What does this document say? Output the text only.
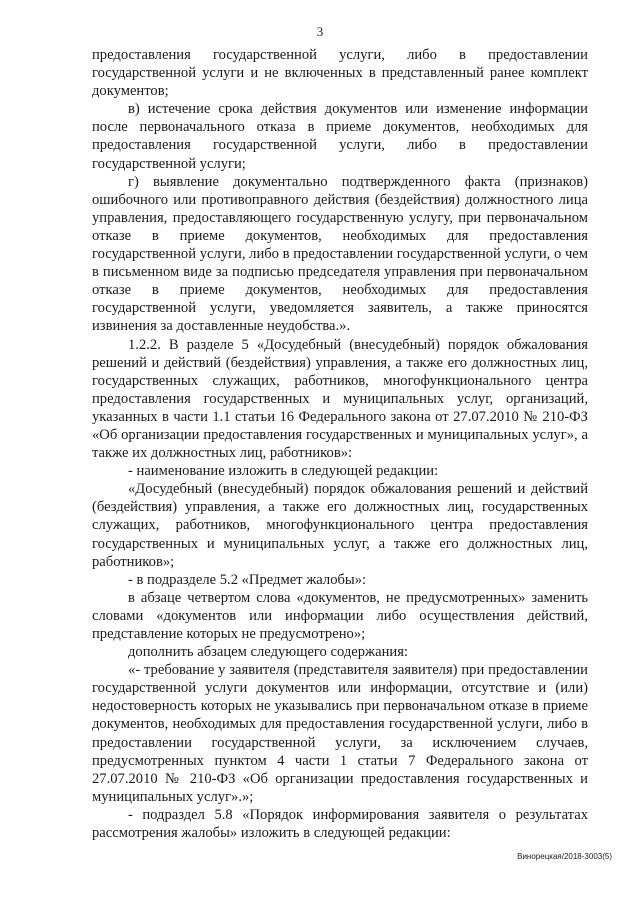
3

предоставления государственной услуги, либо в предоставлении государственной услуги и не включенных в представленный ранее комплект документов;

в) истечение срока действия документов или изменение информации после первоначального отказа в приеме документов, необходимых для предоставления государственной услуги, либо в предоставлении государственной услуги;

г) выявление документально подтвержденного факта (признаков) ошибочного или противоправного действия (бездействия) должностного лица управления, предоставляющего государственную услугу, при первоначальном отказе в приеме документов, необходимых для предоставления государственной услуги, либо в предоставлении государственной услуги, о чем в письменном виде за подписью председателя управления при первоначальном отказе в приеме документов, необходимых для предоставления государственной услуги, уведомляется заявитель, а также приносятся извинения за доставленные неудобства.».

1.2.2. В разделе 5 «Досудебный (внесудебный) порядок обжалования решений и действий (бездействия) управления, а также его должностных лиц, государственных служащих, работников, многофункционального центра предоставления государственных и муниципальных услуг, организаций, указанных в части 1.1 статьи 16 Федерального закона от 27.07.2010 № 210-ФЗ «Об организации предоставления государственных и муниципальных услуг», а также их должностных лиц, работников»:

- наименование изложить в следующей редакции:

«Досудебный (внесудебный) порядок обжалования решений и действий (бездействия) управления, а также его должностных лиц, государственных служащих, работников, многофункционального центра предоставления государственных и муниципальных услуг, а также его должностных лиц, работников»;

- в подразделе 5.2 «Предмет жалобы»:

в абзаце четвертом слова «документов, не предусмотренных» заменить словами «документов или информации либо осуществления действий, представление которых не предусмотрено»;

дополнить абзацем следующего содержания:

«- требование у заявителя (представителя заявителя) при предоставлении государственной услуги документов или информации, отсутствие и (или) недостоверность которых не указывались при первоначальном отказе в приеме документов, необходимых для предоставления государственной услуги, либо в предоставлении государственной услуги, за исключением случаев, предусмотренных пунктом 4 части 1 статьи 7 Федерального закона от 27.07.2010 № 210-ФЗ «Об организации предоставления государственных и муниципальных услуг».»;

- подраздел 5.8 «Порядок информирования заявителя о результатах рассмотрения жалобы» изложить в следующей редакции:

Винорецкая/2018-3003(5)
